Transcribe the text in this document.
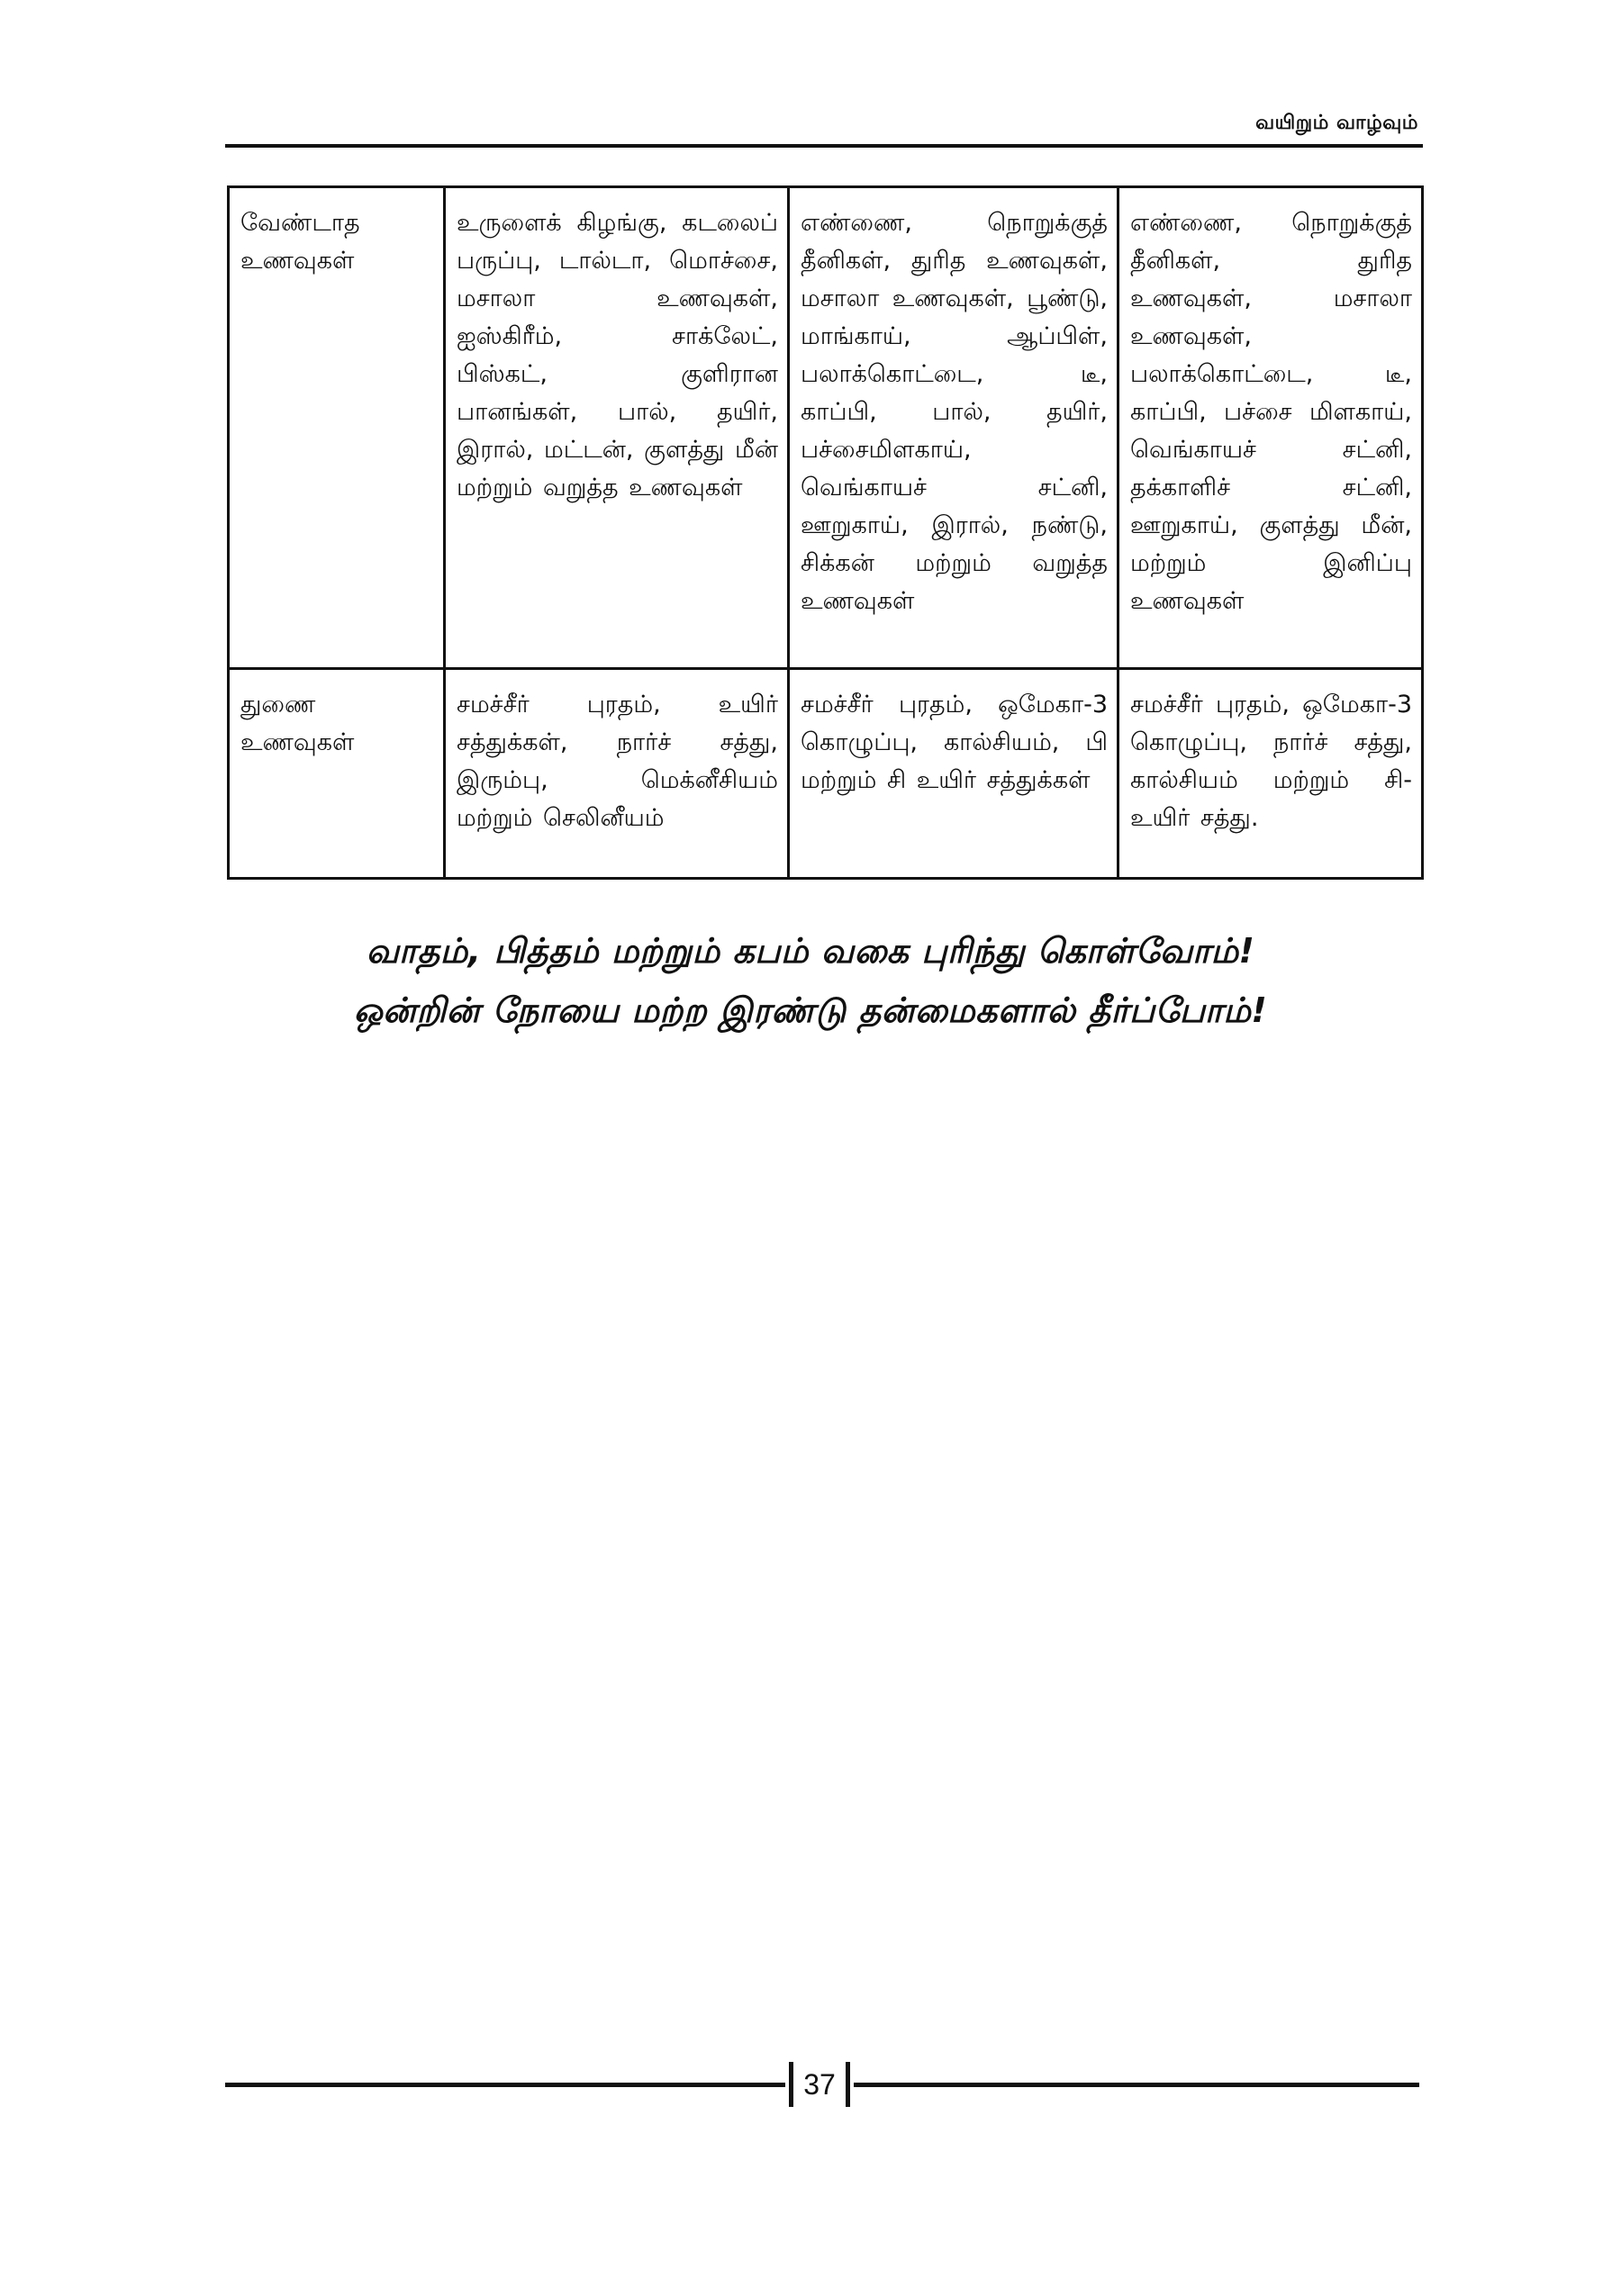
வயிறும் வாழ்வும்
வேண்டாத உணவுகள்	உருளைக் கிழங்கு, கடலைப் பருப்பு, டால்டா, மொச்சை, மசாலா உணவுகள், ஐஸ்கிரீம், சாக்லேட், பிஸ்கட், குளிரான பானங்கள், பால், தயிர், இரால், மட்டன், குளத்து மீன் மற்றும் வறுத்த உணவுகள்	எண்ணை, நொறுக்குத் தீனிகள், துரித உணவுகள், மசாலா உணவுகள், பூண்டு, மாங்காய், ஆப்பிள், பலாக்கொட்டை, டீ, காப்பி, பால், தயிர், பச்சைமிளகாய், வெங்காயச் சட்னி, ஊறுகாய், இரால், நண்டு, சிக்கன் மற்றும் வறுத்த உணவுகள்	எண்ணை, நொறுக்குத் தீனிகள், துரித உணவுகள், மசாலா உணவுகள், பலாக்கொட்டை, டீ, காப்பி, பச்சை மிளகாய், வெங்காயச் சட்னி, தக்காளிச் சட்னி, ஊறுகாய், குளத்து மீன், மற்றும் இனிப்பு உணவுகள்
துணை உணவுகள்	சமச்சீர் புரதம், உயிர் சத்துக்கள், நார்ச் சத்து, இரும்பு, மெக்னீசியம் மற்றும் செலினீயம்	சமச்சீர் புரதம், ஒமேகா-3 கொழுப்பு, கால்சியம், பி மற்றும் சி உயிர் சத்துக்கள்	சமச்சீர் புரதம், ஒமேகா-3 கொழுப்பு, நார்ச் சத்து, கால்சியம் மற்றும் சி-உயிர் சத்து.
வாதம், பித்தம் மற்றும் கபம் வகை புரிந்து கொள்வோம்!
ஒன்றின் நோயை மற்ற இரண்டு தன்மைகளால் தீர்ப்போம்!
37
